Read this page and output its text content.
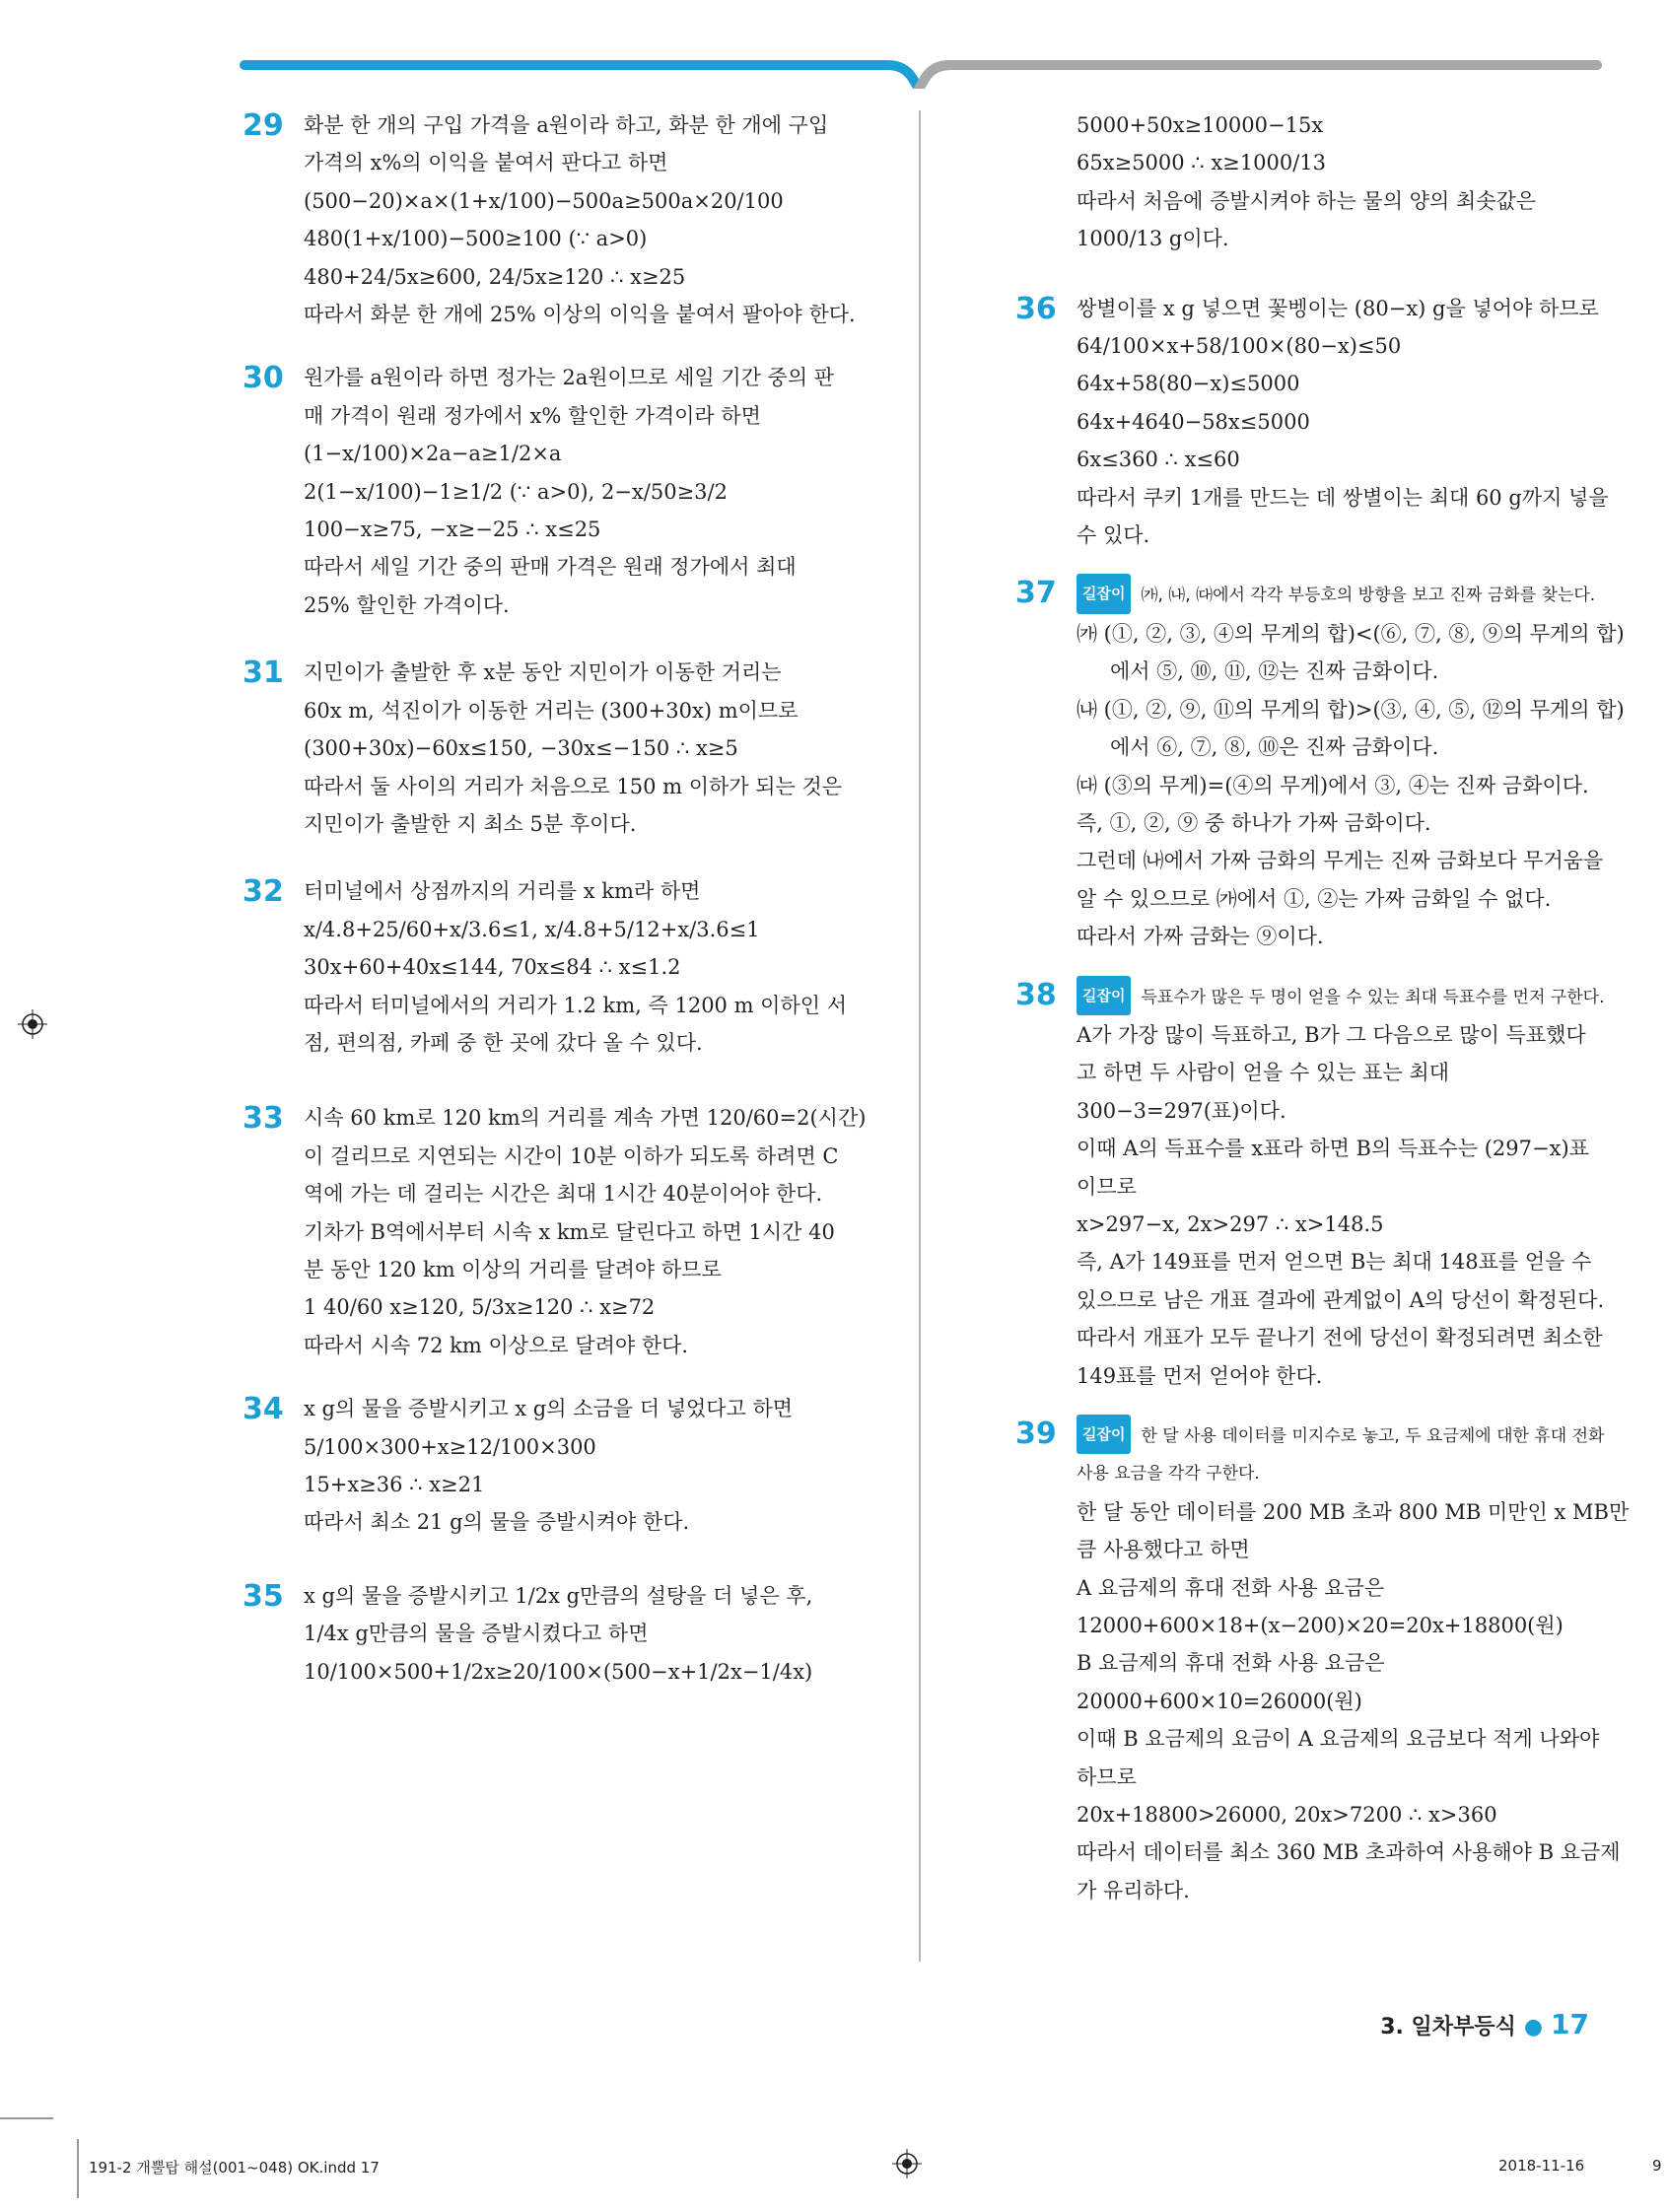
29 화분 한 개의 구입 가격을 a원이라 하고, 화분 한 개에 구입
가격의 x%의 이익을 붙여서 판다고 하면
(500−20)×a×(1+x/100)−500a≥500a×20/100
480(1+x/100)−500≥100 (∵ a>0)
480+24/5x≥600, 24/5x≥120 ∴ x≥25
따라서 화분 한 개에 25% 이상의 이익을 붙여서 팔아야 한다.
30 원가를 a원이라 하면 정가는 2a원이므로 세일 기간 중의 판
매 가격이 원래 정가에서 x% 할인한 가격이라 하면
(1−x/100)×2a−a≥1/2×a
2(1−x/100)−1≥1/2 (∵ a>0), 2−x/50≥3/2
100−x≥75, −x≥−25 ∴ x≤25
따라서 세일 기간 중의 판매 가격은 원래 정가에서 최대
25% 할인한 가격이다.
31 지민이가 출발한 후 x분 동안 지민이가 이동한 거리는
60x m, 석진이가 이동한 거리는 (300+30x) m이므로
(300+30x)−60x≤150, −30x≤−150 ∴ x≥5
따라서 둘 사이의 거리가 처음으로 150 m 이하가 되는 것은
지민이가 출발한 지 최소 5분 후이다.
32 터미널에서 상점까지의 거리를 x km라 하면
x/4.8+25/60+x/3.6≤1, x/4.8+5/12+x/3.6≤1
30x+60+40x≤144, 70x≤84 ∴ x≤1.2
따라서 터미널에서의 거리가 1.2 km, 즉 1200 m 이하인 서
점, 편의점, 카페 중 한 곳에 갔다 올 수 있다.
33 시속 60 km로 120 km의 거리를 계속 가면 120/60=2(시간)
이 걸리므로 지연되는 시간이 10분 이하가 되도록 하려면 C
역에 가는 데 걸리는 시간은 최대 1시간 40분이어야 한다.
기차가 B역에서부터 시속 x km로 달린다고 하면 1시간 40
분 동안 120 km 이상의 거리를 달려야 하므로
1 40/60 x≥120, 5/3x≥120 ∴ x≥72
따라서 시속 72 km 이상으로 달려야 한다.
34 x g의 물을 증발시키고 x g의 소금을 더 넣었다고 하면
5/100×300+x≥12/100×300
15+x≥36 ∴ x≥21
따라서 최소 21 g의 물을 증발시켜야 한다.
35 x g의 물을 증발시키고 1/2x g만큼의 설탕을 더 넣은 후,
1/4x g만큼의 물을 증발시켰다고 하면
10/100×500+1/2x≥20/100×(500−x+1/2x−1/4x)
5000+50x≥10000−15x
65x≥5000 ∴ x≥1000/13
따라서 처음에 증발시켜야 하는 물의 양의 최솟값은
1000/13 g이다.
36 쌍별이를 x g 넣으면 꽃벵이는 (80−x) g을 넣어야 하므로
64/100×x+58/100×(80−x)≤50
64x+58(80−x)≤5000
64x+4640−58x≤5000
6x≤360 ∴ x≤60
따라서 쿠키 1개를 만드는 데 쌍별이는 최대 60 g까지 넣을
수 있다.
37	길잡이 ㈎, ㈏, ㈐에서 각각 부등호의 방향을 보고 진짜 금화를 찾는다.
㈎ (①, ②, ③, ④의 무게의 합)<(⑥, ⑦, ⑧, ⑨의 무게의 합)
에서 ⑤, ⑩, ⑪, ⑫는 진짜 금화이다.
㈏ (①, ②, ⑨, ⑪의 무게의 합)>(③, ④, ⑤, ⑫의 무게의 합)
에서 ⑥, ⑦, ⑧, ⑩은 진짜 금화이다.
㈐ (③의 무게)=(④의 무게)에서 ③, ④는 진짜 금화이다.
즉, ①, ②, ⑨ 중 하나가 가짜 금화이다.
그런데 ㈏에서 가짜 금화의 무게는 진짜 금화보다 무거움을
알 수 있으므로 ㈎에서 ①, ②는 가짜 금화일 수 없다.
따라서 가짜 금화는 ⑨이다.
38	길잡이 득표수가 많은 두 명이 얻을 수 있는 최대 득표수를 먼저 구한다.
A가 가장 많이 득표하고, B가 그 다음으로 많이 득표했다
고 하면 두 사람이 얻을 수 있는 표는 최대
300−3=297(표)이다.
이때 A의 득표수를 x표라 하면 B의 득표수는 (297−x)표
이므로
x>297−x, 2x>297 ∴ x>148.5
즉, A가 149표를 먼저 얻으면 B는 최대 148표를 얻을 수
있으므로 남은 개표 결과에 관계없이 A의 당선이 확정된다.
따라서 개표가 모두 끝나기 전에 당선이 확정되려면 최소한
149표를 먼저 얻어야 한다.
39	길잡이 한 달 사용 데이터를 미지수로 놓고, 두 요금제에 대한 휴대 전화
사용 요금을 각각 구한다.
한 달 동안 데이터를 200 MB 초과 800 MB 미만인 x MB만
큼 사용했다고 하면
A 요금제의 휴대 전화 사용 요금은
12000+600×18+(x−200)×20=20x+18800(원)
B 요금제의 휴대 전화 사용 요금은
20000+600×10=26000(원)
이때 B 요금제의 요금이 A 요금제의 요금보다 적게 나와야
하므로
20x+18800>26000, 20x>7200 ∴ x>360
따라서 데이터를 최소 360 MB 초과하여 사용해야 B 요금제
가 유리하다.
3. 일차부등식 ● 17
191-2 개뿔탑 해설(001~048) OK.indd 17	2018-11-16	9
